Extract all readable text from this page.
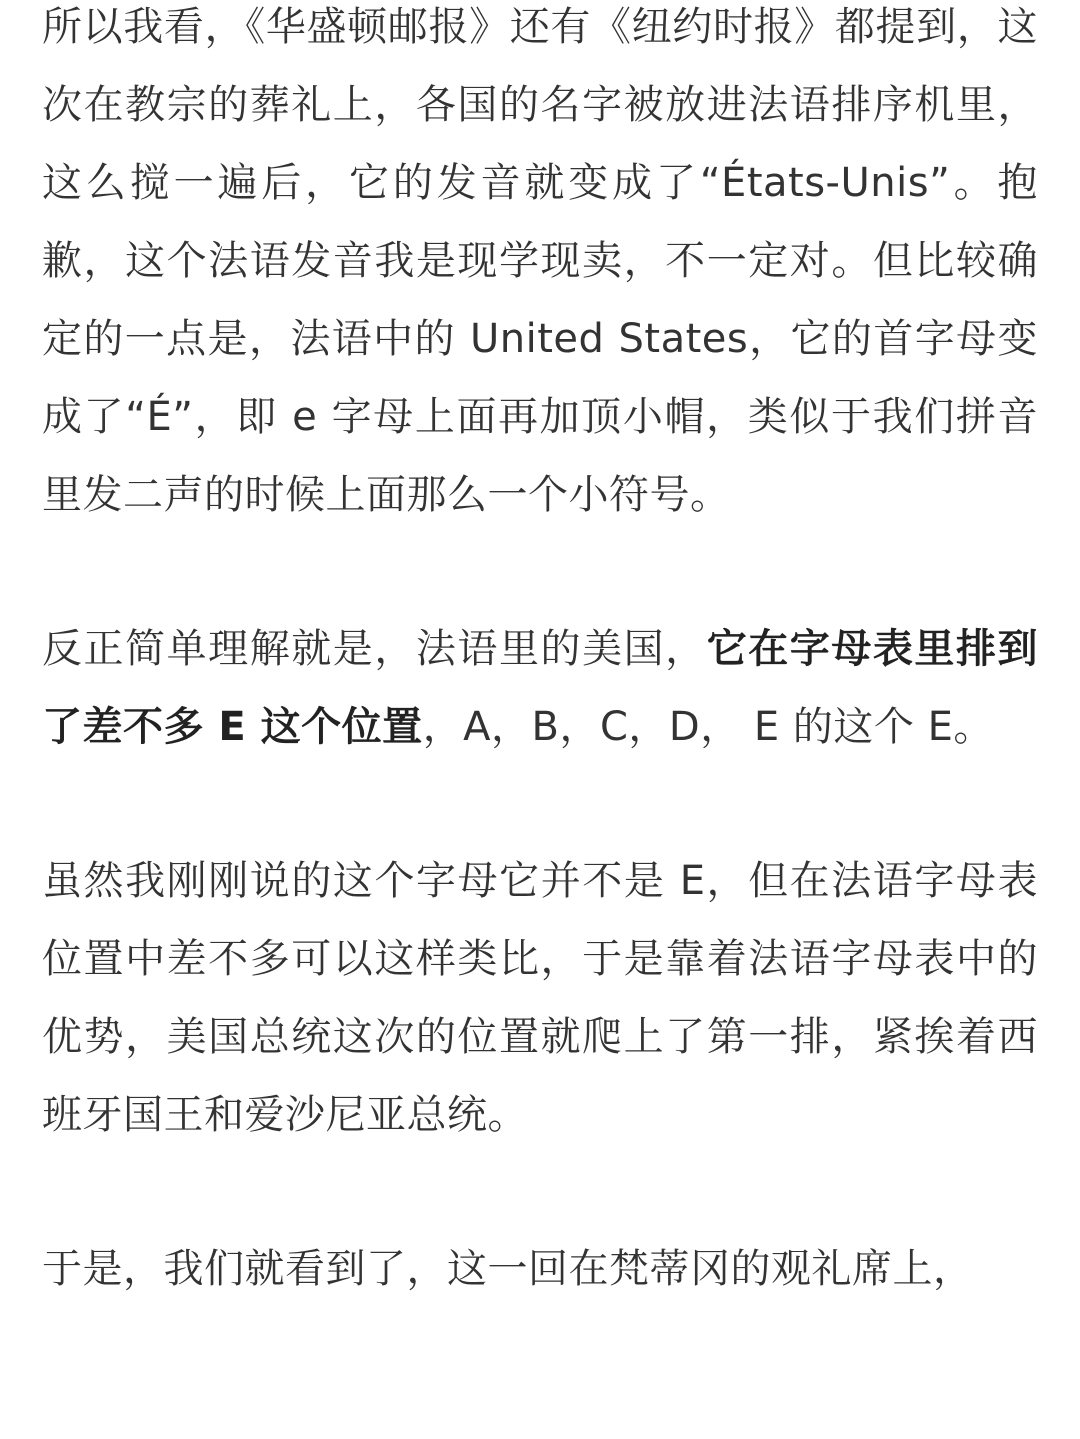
所以我看，《华盛顿邮报》还有《纽约时报》都提到，这次在教宗的葬礼上，各国的名字被放进法语排序机里，这么搅一遍后，它的发音就变成了“États-Unis”。抱歉，这个法语发音我是现学现卖，不一定对。但比较确定的一点是，法语中的 United States，它的首字母变成了“É”，即 e 字母上面再加顶小帽，类似于我们拼音里发二声的时候上面那么一个小符号。

反正简单理解就是，法语里的美国，它在字母表里排到了差不多 E 这个位置，A，B，C，D， E 的这个 E。

虽然我刚刚说的这个字母它并不是 E，但在法语字母表位置中差不多可以这样类比，于是靠着法语字母表中的优势，美国总统这次的位置就爬上了第一排，紧挨着西班牙国王和爱沙尼亚总统。

于是，我们就看到了，这一回在梵蒂冈的观礼席上，
